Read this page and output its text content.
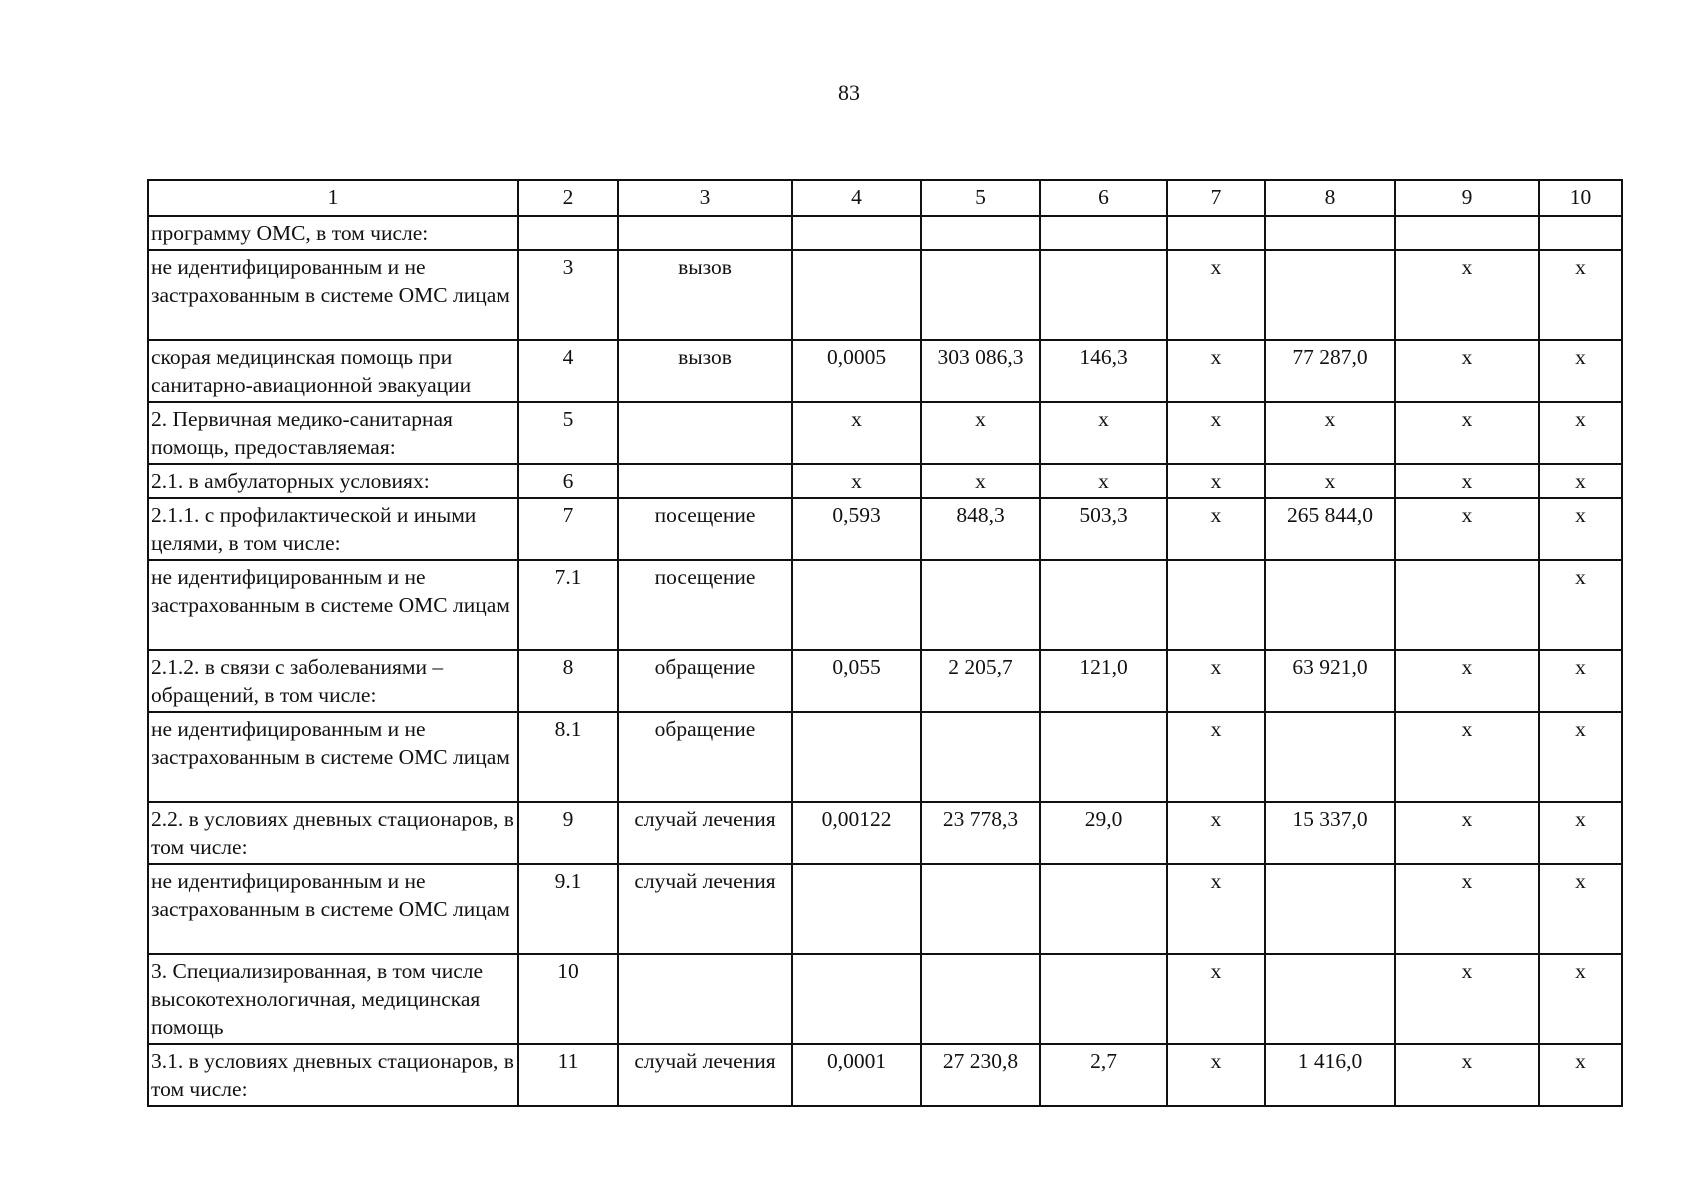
83
1	2	3	4	5	6	7	8	9	10
программу ОМС, в том числе:									
не идентифицированным и не застрахованным в системе ОМС лицам	3	вызов				х		х	х
скорая медицинская помощь при санитарно-авиационной эвакуации	4	вызов	0,0005	303 086,3	146,3	х	77 287,0	х	х
2. Первичная медико-санитарная помощь, предоставляемая:	5		х	х	х	х	х	х	х
2.1. в амбулаторных условиях:	6		х	х	х	х	х	х	х
2.1.1. с профилактической и иными целями, в том числе:	7	посещение	0,593	848,3	503,3	х	265 844,0	х	х
не идентифицированным и не застрахованным в системе ОМС лицам	7.1	посещение							х
2.1.2. в связи с заболеваниями – обращений, в том числе:	8	обращение	0,055	2 205,7	121,0	х	63 921,0	х	х
не идентифицированным и не застрахованным в системе ОМС лицам	8.1	обращение				х		х	х
2.2. в условиях дневных стационаров, в том числе:	9	случай лечения	0,00122	23 778,3	29,0	х	15 337,0	х	х
не идентифицированным и не застрахованным в системе ОМС лицам	9.1	случай лечения				х		х	х
3. Специализированная, в том числе высокотехнологичная, медицинская помощь	10					х		х	х
3.1. в условиях дневных стационаров, в том числе:	11	случай лечения	0,0001	27 230,8	2,7	х	1 416,0	х	х
